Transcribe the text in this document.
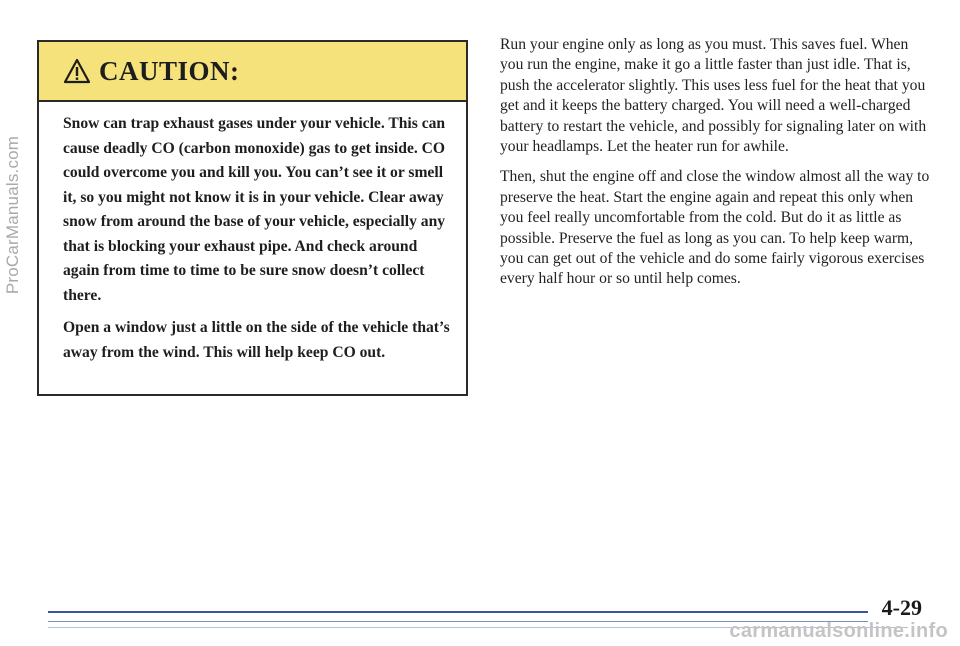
ProCarManuals.com
CAUTION:

Snow can trap exhaust gases under your vehicle. This can cause deadly CO (carbon monoxide) gas to get inside. CO could overcome you and kill you. You can’t see it or smell it, so you might not know it is in your vehicle. Clear away snow from around the base of your vehicle, especially any that is blocking your exhaust pipe. And check around again from time to time to be sure snow doesn’t collect there.

Open a window just a little on the side of the vehicle that’s away from the wind. This will help keep CO out.

Run your engine only as long as you must. This saves fuel. When you run the engine, make it go a little faster than just idle. That is, push the accelerator slightly. This uses less fuel for the heat that you get and it keeps the battery charged. You will need a well-charged battery to restart the vehicle, and possibly for signaling later on with your headlamps. Let the heater run for awhile.

Then, shut the engine off and close the window almost all the way to preserve the heat. Start the engine again and repeat this only when you feel really uncomfortable from the cold. But do it as little as possible. Preserve the fuel as long as you can. To help keep warm, you can get out of the vehicle and do some fairly vigorous exercises every half hour or so until help comes.

4-29
carmanualsonline.info
